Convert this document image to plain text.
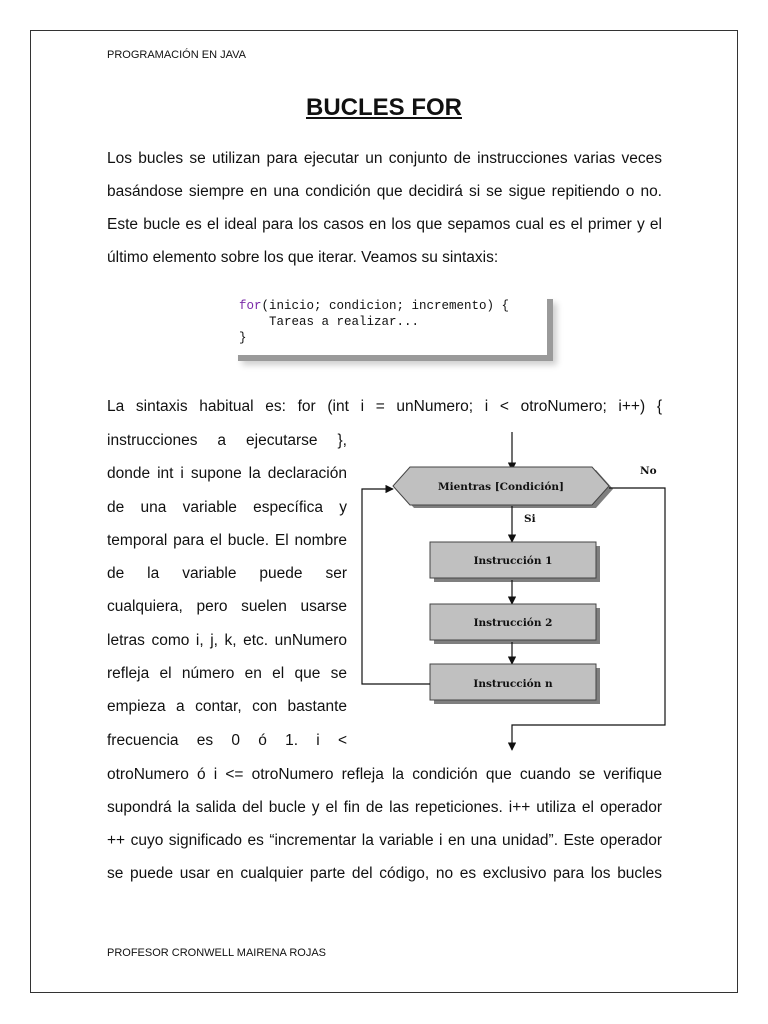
PROGRAMACIÓN EN JAVA
BUCLES FOR
Los bucles se utilizan para ejecutar un conjunto de instrucciones varias veces
basándose siempre en una condición que decidirá si se sigue repitiendo o no.
Este bucle es el ideal para los casos en los que sepamos cual es el primer y el
último elemento sobre los que iterar. Veamos su sintaxis:
for(inicio; condicion; incremento) {
Tareas a realizar...
}
La sintaxis habitual es: for (int i = unNumero; i < otroNumero; i++) {
instrucciones a ejecutarse },
donde int i supone la declaración
de una variable específica y
temporal para el bucle. El nombre
de la variable puede ser
cualquiera, pero suelen usarse
letras como i, j, k, etc. unNumero
refleja el número en el que se
empieza a contar, con bastante
frecuencia es 0 ó 1. i <
Mientras [Condición]
No
Si
Instrucción 1
Instrucción 2
Instrucción n
otroNumero ó i <= otroNumero refleja la condición que cuando se verifique
supondrá la salida del bucle y el fin de las repeticiones. i++ utiliza el operador
++ cuyo significado es “incrementar la variable i en una unidad”. Este operador
se puede usar en cualquier parte del código, no es exclusivo para los bucles
PROFESOR CRONWELL MAIRENA ROJAS
